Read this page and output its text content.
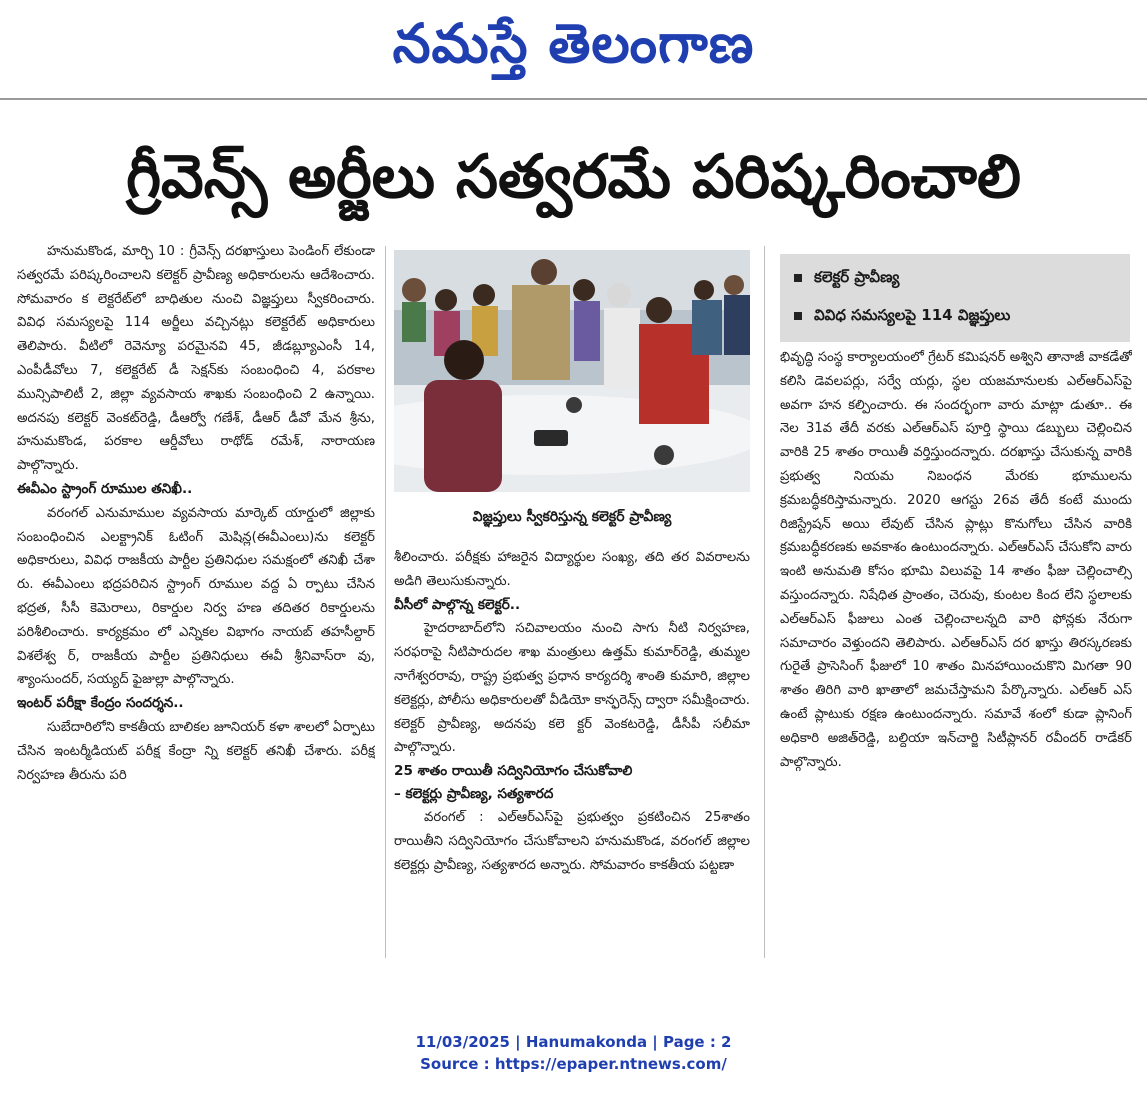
నమస్తే తెలంగాణ
గ్రీవెన్స్ అర్జీలు సత్వరమే పరిష్కరించాలి

హనుమకొండ, మార్చి 10 : గ్రీవెన్స్ దరఖాస్తులు పెండింగ్ లేకుండా సత్వరమే పరిష్కరించాలని కలెక్టర్ ప్రావీణ్య అధికారులను ఆదేశించారు. సోమవారం క లెక్టరేట్‌లో బాధితుల నుంచి విజ్ఞప్తులు స్వీకరించారు. వివిధ సమస్యలపై 114 అర్జీలు వచ్చినట్లు కలెక్టరేట్ అధికారులు తెలిపారు. వీటిలో రెవెన్యూ పరమైనవి 45, జీడబ్ల్యూఎంసీ 14, ఎంపీడీవోలు 7, కలెక్టరేట్ డీ సెక్షన్‌కు సంబంధించి 4, పరకాల మున్సిపాలిటీ 2, జిల్లా వ్యవసాయ శాఖకు సంబంధించి 2 ఉన్నాయి. అదనపు కలెక్టర్ వెంకట్‌రెడ్డి, డీఆర్వో గణేశ్, డీఆర్ డీవో మేన శ్రీను, హనుమకొండ, పరకాల ఆర్డీవోలు రాథోడ్ రమేశ్, నారాయణ పాల్గొన్నారు.

ఈవీఎం స్ట్రాంగ్ రూముల తనిఖీ..

వరంగల్ ఎనుమాముల వ్యవసాయ మార్కెట్ యార్డులో జిల్లాకు సంబంధించిన ఎలక్ట్రానిక్ ఓటింగ్ మెషిన్ల(ఈవీఎంలు)ను కలెక్టర్ అధికారులు, వివిధ రాజకీయ పార్టీల ప్రతినిధుల సమక్షంలో తనిఖీ చేశా రు. ఈవీఎంలు భద్రపరిచిన స్ట్రాంగ్ రూముల వద్ద ఏ ర్పాటు చేసిన భద్రత, సీసీ కెమెరాలు, రికార్డుల నిర్వ హణ తదితర రికార్డులను పరిశీలించారు. కార్యక్రమం లో ఎన్నికల విభాగం నాయబ్ తహసీల్దార్ విశలేశ్వ ర్, రాజకీయ పార్టీల ప్రతినిధులు ఈవీ శ్రీనివాస్‌రా వు, శ్యాంసుందర్, సయ్యద్ ఫైజుల్లా పాల్గొన్నారు.

ఇంటర్ పరీక్షా కేంద్రం సందర్శన..

సుబేదారిలోని కాకతీయ బాలికల జూనియర్ కళా శాలలో ఏర్పాటు చేసిన ఇంటర్మీడియట్ పరీక్ష కేంద్రా న్ని కలెక్టర్ తనిఖీ చేశారు. పరీక్ష నిర్వహణ తీరును పరి

విజ్ఞప్తులు స్వీకరిస్తున్న కలెక్టర్ ప్రావీణ్య

శీలించారు. పరీక్షకు హాజరైన విద్యార్థుల సంఖ్య, తది తర వివరాలను అడిగి తెలుసుకున్నారు.

వీసీలో పాల్గొన్న కలెక్టర్..

హైదరాబాద్‌లోని సచివాలయం నుంచి సాగు నీటి నిర్వహణ, సరఫరాపై నీటిపారుదల శాఖ మంత్రులు ఉత్తమ్ కుమార్‌రెడ్డి, తుమ్మల నాగేశ్వరరావు, రాష్ట్ర ప్రభుత్వ ప్రధాన కార్యదర్శి శాంతి కుమారి, జిల్లాల కలెక్టర్లు, పోలీసు అధికారులతో వీడియో కాన్ఫరెన్స్ ద్వారా సమీక్షించారు. కలెక్టర్ ప్రావీణ్య, అదనపు కలె క్టర్ వెంకటరెడ్డి, డీసీపీ సలీమా పాల్గొన్నారు.

25 శాతం రాయితీ సద్వినియోగం చేసుకోవాలి
– కలెక్టర్లు ప్రావీణ్య, సత్యశారద

వరంగల్ : ఎల్‌ఆర్‌ఎస్‌పై ప్రభుత్వం ప్రకటించిన 25శాతం రాయితీని సద్వినియోగం చేసుకోవాలని హనుమకొండ, వరంగల్ జిల్లాల కలెక్టర్లు ప్రావీణ్య, సత్యశారద అన్నారు. సోమవారం కాకతీయ పట్టణా

కలెక్టర్ ప్రావీణ్య
వివిధ సమస్యలపై 114 విజ్ఞప్తులు

భివృద్ధి సంస్థ కార్యాలయంలో గ్రేటర్ కమిషనర్ అశ్విని తానాజీ వాకడేతో కలిసి డెవలపర్లు, సర్వే యర్లు, స్థల యజమానులకు ఎల్‌ఆర్‌ఎస్‌పై అవగా హన కల్పించారు. ఈ సందర్భంగా వారు మాట్లా డుతూ.. ఈ నెల 31వ తేదీ వరకు ఎల్‌ఆర్‌ఎస్ పూర్తి స్థాయి డబ్బులు చెల్లించిన వారికి 25 శాతం రాయితీ వర్తిస్తుందన్నారు. దరఖాస్తు చేసుకున్న వారికి ప్రభుత్వ నియమ నిబంధన మేరకు భూములను క్రమబద్ధీకరిస్తామన్నారు. 2020 ఆగస్టు 26వ తేదీ కంటే ముందు రిజిస్ట్రేషన్ అయి లేవుట్ చేసిన ప్లాట్లు కొనుగోలు చేసిన వారికి క్రమబద్ధీకరణకు అవకాశం ఉంటుందన్నారు. ఎల్‌ఆర్‌ఎస్ చేసుకోని వారు ఇంటి అనుమతి కోసం భూమి విలువపై 14 శాతం ఫీజు చెల్లించాల్సి వస్తుందన్నారు. నిషేధిత ప్రాంతం, చెరువు, కుంటల కింద లేని స్థలాలకు ఎల్‌ఆర్‌ఎస్ ఫీజులు ఎంత చెల్లించాలన్నది వారి ఫోన్లకు నేరుగా సమాచారం వెళ్తుందని తెలిపారు. ఎల్‌ఆర్‌ఎస్ దర ఖాస్తు తిరస్కరణకు గురైతే ప్రాసెసింగ్ ఫీజులో 10 శాతం మినహాయించుకొని మిగతా 90 శాతం తిరిగి వారి ఖాతాలో జమచేస్తామని పేర్కొన్నారు. ఎల్‌ఆర్ ఎస్ ఉంటే ప్లాటుకు రక్షణ ఉంటుందన్నారు. సమావే శంలో కుడా ప్లానింగ్ అధికారి అజిత్‌రెడ్డి, బల్దియా ఇన్‌చార్జి సిటీప్లానర్ రవీందర్ రాడేకర్ పాల్గొన్నారు.

11/03/2025 | Hanumakonda | Page : 2
Source : https://epaper.ntnews.com/
